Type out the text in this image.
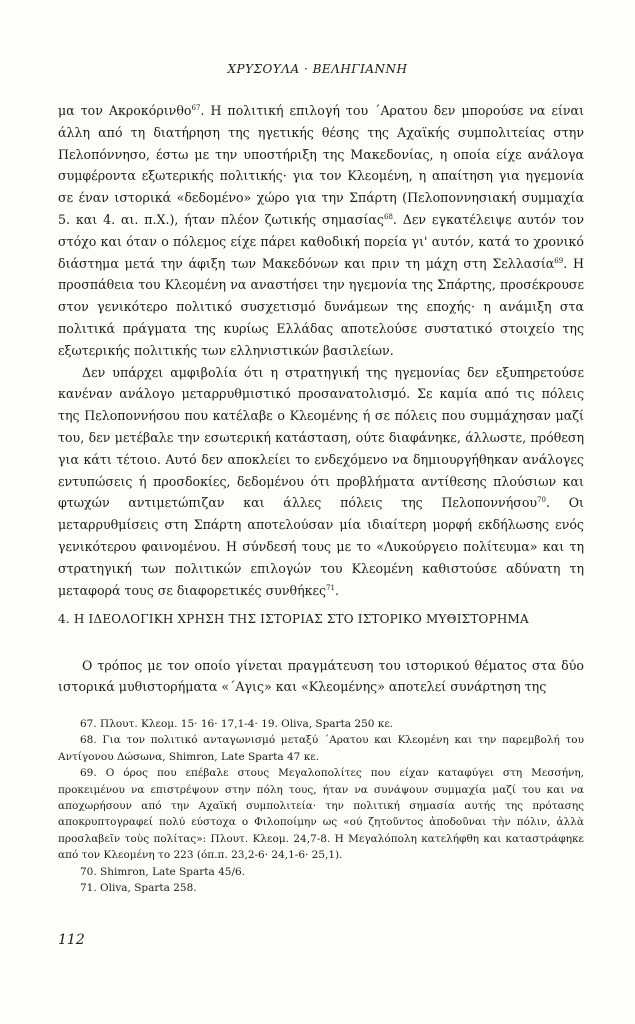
ΧΡΥΣΟΥΛΑ · ΒΕΛΗΓΙΑΝΝΗ

μα τον Ακροκόρινθο$^{67}$. Η πολιτική επιλογή του ΄Αρατου δεν μπορούσε να είναι άλλη από τη διατήρηση της ηγετικής θέσης της Αχαϊκής συμπολιτείας στην Πελοπόννησο, έστω με την υποστήριξη της Μακεδονίας, η οποία είχε ανάλογα συμφέροντα εξωτερικής πολιτικής· για τον Κλεομένη, η απαίτηση για ηγεμονία σε έναν ιστορικά «δεδομένο» χώρο για την Σπάρτη (Πελοποννησιακή συμμαχία 5. και 4. αι. π.Χ.), ήταν πλέον ζωτικής σημασίας$^{68}$. Δεν εγκατέλειψε αυτόν τον στόχο και όταν ο πόλεμος είχε πάρει καθοδική πορεία γι' αυτόν, κατά το χρονικό διάστημα μετά την άφιξη των Μακεδόνων και πριν τη μάχη στη Σελλασία$^{69}$. Η προσπάθεια του Κλεομένη να αναστήσει την ηγεμονία της Σπάρτης, προσέκρουσε στον γενικότερο πολιτικό συσχετισμό δυνάμεων της εποχής· η ανάμιξη στα πολιτικά πράγματα της κυρίως Ελλάδας αποτελούσε συστατικό στοιχείο της εξωτερικής πολιτικής των ελληνιστικών βασιλείων.

Δεν υπάρχει αμφιβολία ότι η στρατηγική της ηγεμονίας δεν εξυπηρετούσε κανέναν ανάλογο μεταρρυθμιστικό προσανατολισμό. Σε καμία από τις πόλεις της Πελοποννήσου που κατέλαβε ο Κλεομένης ή σε πόλεις που συμμάχησαν μαζί του, δεν μετέβαλε την εσωτερική κατάσταση, ούτε διαφάνηκε, άλλωστε, πρόθεση για κάτι τέτοιο. Αυτό δεν αποκλείει το ενδεχόμενο να δημιουργήθηκαν ανάλογες εντυπώσεις ή προσδοκίες, δεδομένου ότι προβλήματα αντίθεσης πλούσιων και φτωχών αντιμετώπιζαν και άλλες πόλεις της Πελοποννήσου$^{70}$. Οι μεταρρυθμίσεις στη Σπάρτη αποτελούσαν μία ιδιαίτερη μορφή εκδήλωσης ενός γενικότερου φαινομένου. Η σύνδεσή τους με το «Λυκούργειο πολίτευμα» και τη στρατηγική των πολιτικών επιλογών του Κλεομένη καθιστούσε αδύνατη τη μεταφορά τους σε διαφορετικές συνθήκες$^{71}$.

4. Η ΙΔΕΟΛΟΓΙΚΗ ΧΡΗΣΗ ΤΗΣ ΙΣΤΟΡΙΑΣ ΣΤΟ ΙΣΤΟΡΙΚΟ ΜΥΘΙΣΤΟΡΗΜΑ

Ο τρόπος με τον οποίο γίνεται πραγμάτευση του ιστορικού θέματος στα δύο ιστορικά μυθιστορήματα «΄Αγις» και «Κλεομένης» αποτελεί συνάρτηση της

67. Πλουτ. Κλεομ. 15· 16· 17,1-4· 19. Oliva, Sparta 250 κε.

68. Για τον πολιτικό ανταγωνισμό μεταξύ ΄Αρατου και Κλεομένη και την παρεμβολή του Αντίγονου Δώσωνα, Shimron, Late Sparta 47 κε.

69. Ο όρος που επέβαλε στους Μεγαλοπολίτες που είχαν καταφύγει στη Μεσσήνη, προκειμένου να επιστρέψουν στην πόλη τους, ήταν να συνάψουν συμμαχία μαζί του και να αποχωρήσουν από την Αχαϊκή συμπολιτεία· την πολιτική σημασία αυτής της πρότασης αποκρυπτογραφεί πολύ εύστοχα ο Φιλοποίμην ως «ού ζητοῦντος ἀποδοῦναι τὴν πόλιν, ἀλλὰ προσλαβεῖν τοὺς πολίτας»: Πλουτ. Κλεομ. 24,7-8. Η Μεγαλόπολη κατελήφθη και καταστράφηκε από τον Κλεομένη το 223 (όπ.π. 23,2-6· 24,1-6· 25,1).

70. Shimron, Late Sparta 45/6.

71. Oliva, Sparta 258.

112
